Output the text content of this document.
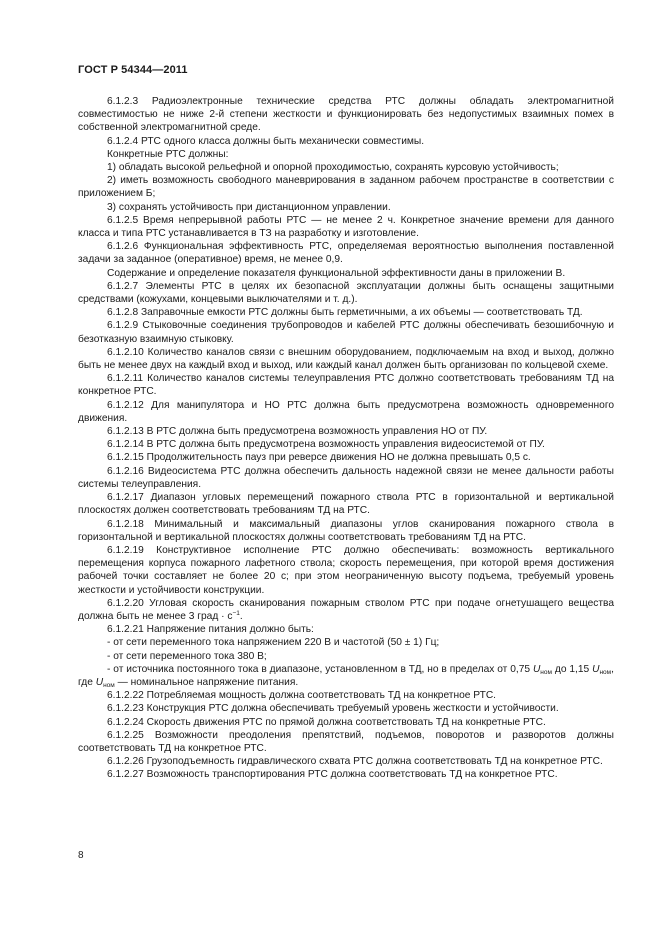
ГОСТ Р 54344—2011

6.1.2.3 Радиоэлектронные технические средства РТС должны обладать электромагнитной совместимостью не ниже 2-й степени жесткости и функционировать без недопустимых взаимных помех в собственной электромагнитной среде.

6.1.2.4 РТС одного класса должны быть механически совместимы.

Конкретные РТС должны:

1) обладать высокой рельефной и опорной проходимостью, сохранять курсовую устойчивость;

2) иметь возможность свободного маневрирования в заданном рабочем пространстве в соответствии с приложением Б;

3) сохранять устойчивость при дистанционном управлении.

6.1.2.5 Время непрерывной работы РТС — не менее 2 ч. Конкретное значение времени для данного класса и типа РТС устанавливается в ТЗ на разработку и изготовление.

6.1.2.6 Функциональная эффективность РТС, определяемая вероятностью выполнения поставленной задачи за заданное (оперативное) время, не менее 0,9.

Содержание и определение показателя функциональной эффективности даны в приложении В.

6.1.2.7 Элементы РТС в целях их безопасной эксплуатации должны быть оснащены защитными средствами (кожухами, концевыми выключателями и т. д.).

6.1.2.8 Заправочные емкости РТС должны быть герметичными, а их объемы — соответствовать ТД.

6.1.2.9 Стыковочные соединения трубопроводов и кабелей РТС должны обеспечивать безошибочную и безотказную взаимную стыковку.

6.1.2.10 Количество каналов связи с внешним оборудованием, подключаемым на вход и выход, должно быть не менее двух на каждый вход и выход, или каждый канал должен быть организован по кольцевой схеме.

6.1.2.11 Количество каналов системы телеуправления РТС должно соответствовать требованиям ТД на конкретное РТС.

6.1.2.12 Для манипулятора и НО РТС должна быть предусмотрена возможность одновременного движения.

6.1.2.13 В РТС должна быть предусмотрена возможность управления НО от ПУ.

6.1.2.14 В РТС должна быть предусмотрена возможность управления видеосистемой от ПУ.

6.1.2.15 Продолжительность пауз при реверсе движения НО не должна превышать 0,5 с.

6.1.2.16 Видеосистема РТС должна обеспечить дальность надежной связи не менее дальности работы системы телеуправления.

6.1.2.17 Диапазон угловых перемещений пожарного ствола РТС в горизонтальной и вертикальной плоскостях должен соответствовать требованиям ТД на РТС.

6.1.2.18 Минимальный и максимальный диапазоны углов сканирования пожарного ствола в горизонтальной и вертикальной плоскостях должны соответствовать требованиям ТД на РТС.

6.1.2.19 Конструктивное исполнение РТС должно обеспечивать: возможность вертикального перемещения корпуса пожарного лафетного ствола; скорость перемещения, при которой время достижения рабочей точки составляет не более 20 с; при этом неограниченную высоту подъема, требуемый уровень жесткости и устойчивости конструкции.

6.1.2.20 Угловая скорость сканирования пожарным стволом РТС при подаче огнетушащего вещества должна быть не менее 3 град · $с^{-1}$.

6.1.2.21 Напряжение питания должно быть:

- от сети переменного тока напряжением 220 В и частотой (50 ± 1) Гц;

- от сети переменного тока 380 В;

- от источника постоянного тока в диапазоне, установленном в ТД, но в пределах от 0,75 $U_{ном}$ до 1,15 $U_{ном}$, где $U_{ном}$ — номинальное напряжение питания.

6.1.2.22 Потребляемая мощность должна соответствовать ТД на конкретное РТС.

6.1.2.23 Конструкция РТС должна обеспечивать требуемый уровень жесткости и устойчивости.

6.1.2.24 Скорость движения РТС по прямой должна соответствовать ТД на конкретные РТС.

6.1.2.25 Возможности преодоления препятствий, подъемов, поворотов и разворотов должны соответствовать ТД на конкретное РТС.

6.1.2.26 Грузоподъемность гидравлического схвата РТС должна соответствовать ТД на конкретное РТС.

6.1.2.27 Возможность транспортирования РТС должна соответствовать ТД на конкретное РТС.

8
